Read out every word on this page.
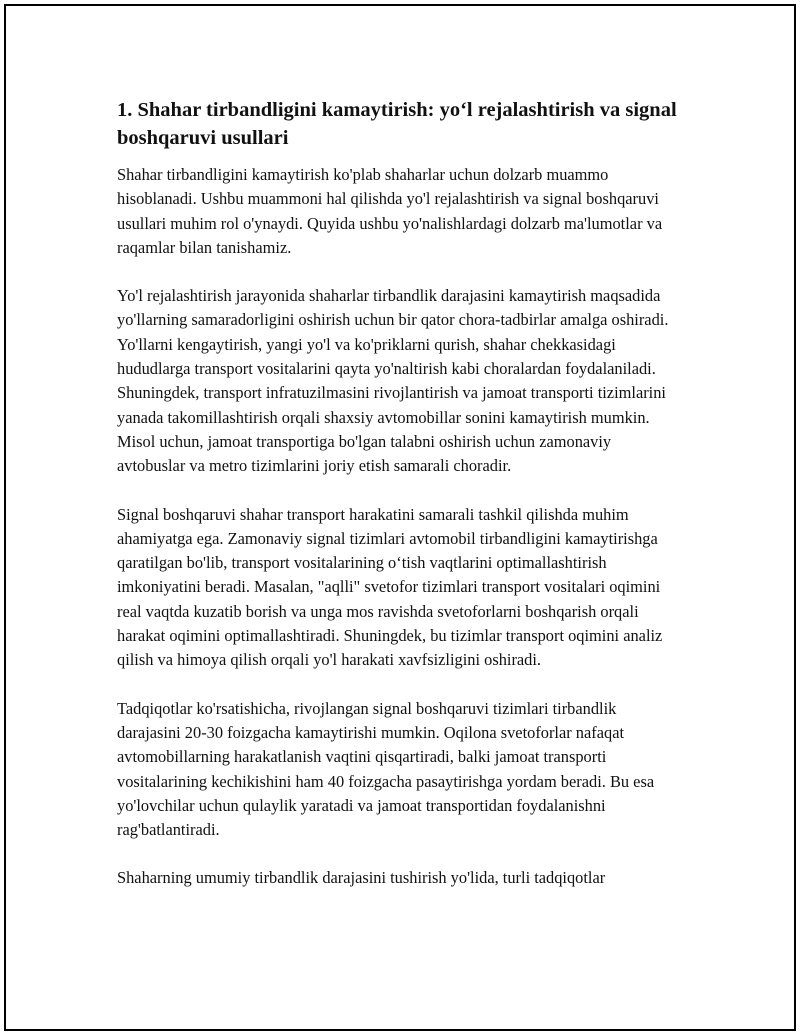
1. Shahar tirbandligini kamaytirish: yo‘l rejalashtirish va signal boshqaruvi usullari

Shahar tirbandligini kamaytirish ko'plab shaharlar uchun dolzarb muammo hisoblanadi. Ushbu muammoni hal qilishda yo'l rejalashtirish va signal boshqaruvi usullari muhim rol o'ynaydi. Quyida ushbu yo'nalishlardagi dolzarb ma'lumotlar va raqamlar bilan tanishamiz.

Yo'l rejalashtirish jarayonida shaharlar tirbandlik darajasini kamaytirish maqsadida yo'llarning samaradorligini oshirish uchun bir qator chora-tadbirlar amalga oshiradi. Yo'llarni kengaytirish, yangi yo'l va ko'priklarni qurish, shahar chekkasidagi hududlarga transport vositalarini qayta yo'naltirish kabi choralardan foydalaniladi. Shuningdek, transport infratuzilmasini rivojlantirish va jamoat transporti tizimlarini yanada takomillashtirish orqali shaxsiy avtomobillar sonini kamaytirish mumkin. Misol uchun, jamoat transportiga bo'lgan talabni oshirish uchun zamonaviy avtobuslar va metro tizimlarini joriy etish samarali choradir.

Signal boshqaruvi shahar transport harakatini samarali tashkil qilishda muhim ahamiyatga ega. Zamonaviy signal tizimlari avtomobil tirbandligini kamaytirishga qaratilgan bo'lib, transport vositalarining o‘tish vaqtlarini optimallashtirish imkoniyatini beradi. Masalan, "aqlli" svetofor tizimlari transport vositalari oqimini real vaqtda kuzatib borish va unga mos ravishda svetoforlarni boshqarish orqali harakat oqimini optimallashtiradi. Shuningdek, bu tizimlar transport oqimini analiz qilish va himoya qilish orqali yo'l harakati xavfsizligini oshiradi.

Tadqiqotlar ko'rsatishicha, rivojlangan signal boshqaruvi tizimlari tirbandlik darajasini 20-30 foizgacha kamaytirishi mumkin. Oqilona svetoforlar nafaqat avtomobillarning harakatlanish vaqtini qisqartiradi, balki jamoat transporti vositalarining kechikishini ham 40 foizgacha pasaytirishga yordam beradi. Bu esa yo'lovchilar uchun qulaylik yaratadi va jamoat transportidan foydalanishni rag'batlantiradi.

Shaharning umumiy tirbandlik darajasini tushirish yo'lida, turli tadqiqotlar
